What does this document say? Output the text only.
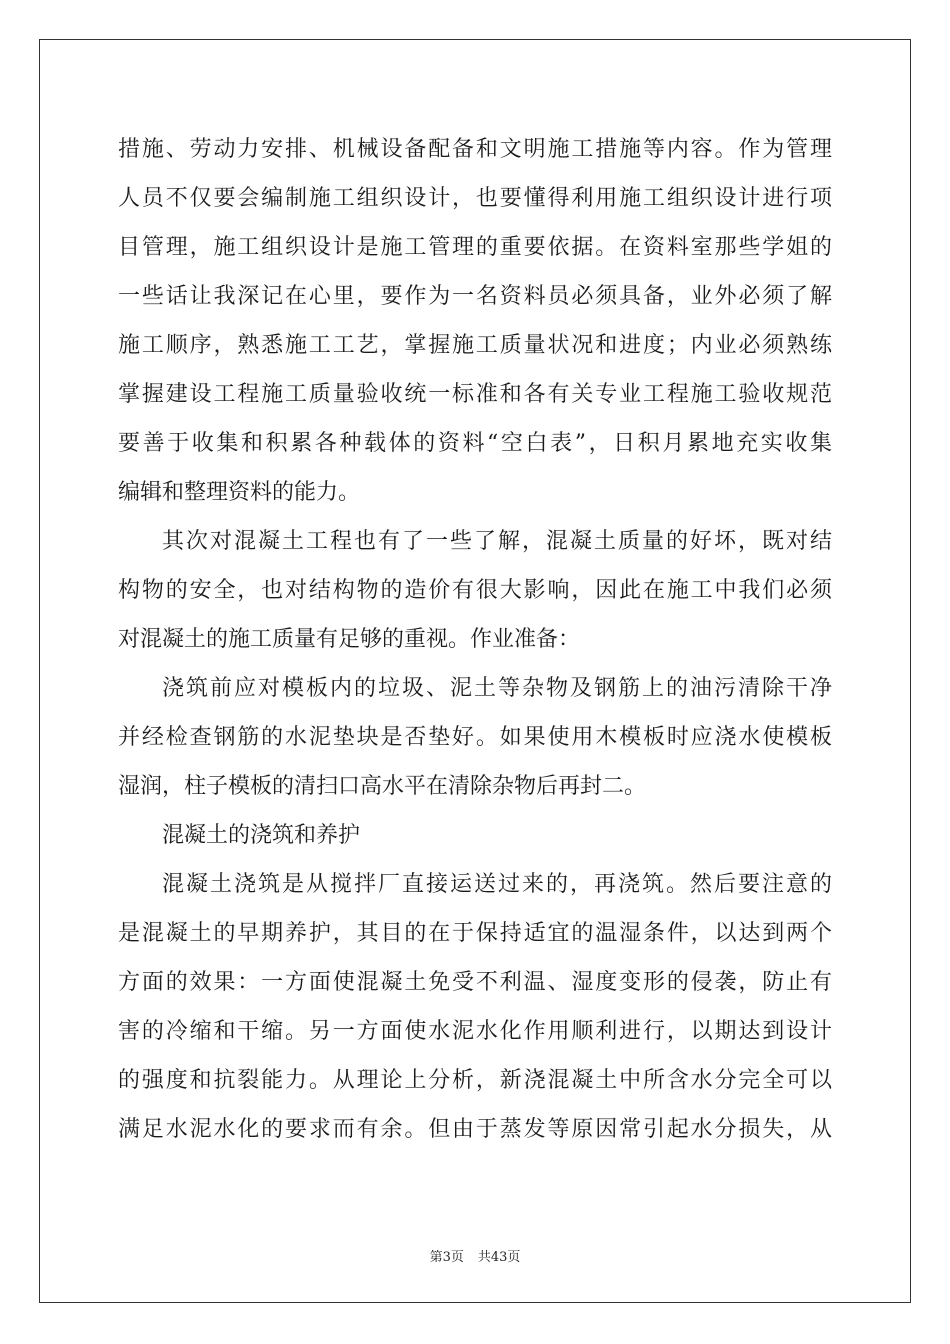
措施、劳动力安排、机械设备配备和文明施工措施等内容。作为管理
人员不仅要会编制施工组织设计，也要懂得利用施工组织设计进行项
目管理，施工组织设计是施工管理的重要依据。在资料室那些学姐的
一些话让我深记在心里，要作为一名资料员必须具备，业外必须了解
施工顺序，熟悉施工工艺，掌握施工质量状况和进度；内业必须熟练
掌握建设工程施工质量验收统一标准和各有关专业工程施工验收规范
要善于收集和积累各种载体的资料“空白表”，日积月累地充实收集
编辑和整理资料的能力。
其次对混凝土工程也有了一些了解，混凝土质量的好坏，既对结
构物的安全，也对结构物的造价有很大影响，因此在施工中我们必须
对混凝土的施工质量有足够的重视。作业准备：
浇筑前应对模板内的垃圾、泥土等杂物及钢筋上的油污清除干净
并经检查钢筋的水泥垫块是否垫好。如果使用木模板时应浇水使模板
湿润，柱子模板的清扫口高水平在清除杂物后再封二。
混凝土的浇筑和养护
混凝土浇筑是从搅拌厂直接运送过来的，再浇筑。然后要注意的
是混凝土的早期养护，其目的在于保持适宜的温湿条件，以达到两个
方面的效果：一方面使混凝土免受不利温、湿度变形的侵袭，防止有
害的冷缩和干缩。另一方面使水泥水化作用顺利进行，以期达到设计
的强度和抗裂能力。从理论上分析，新浇混凝土中所含水分完全可以
满足水泥水化的要求而有余。但由于蒸发等原因常引起水分损失，从
第3页 共43页
